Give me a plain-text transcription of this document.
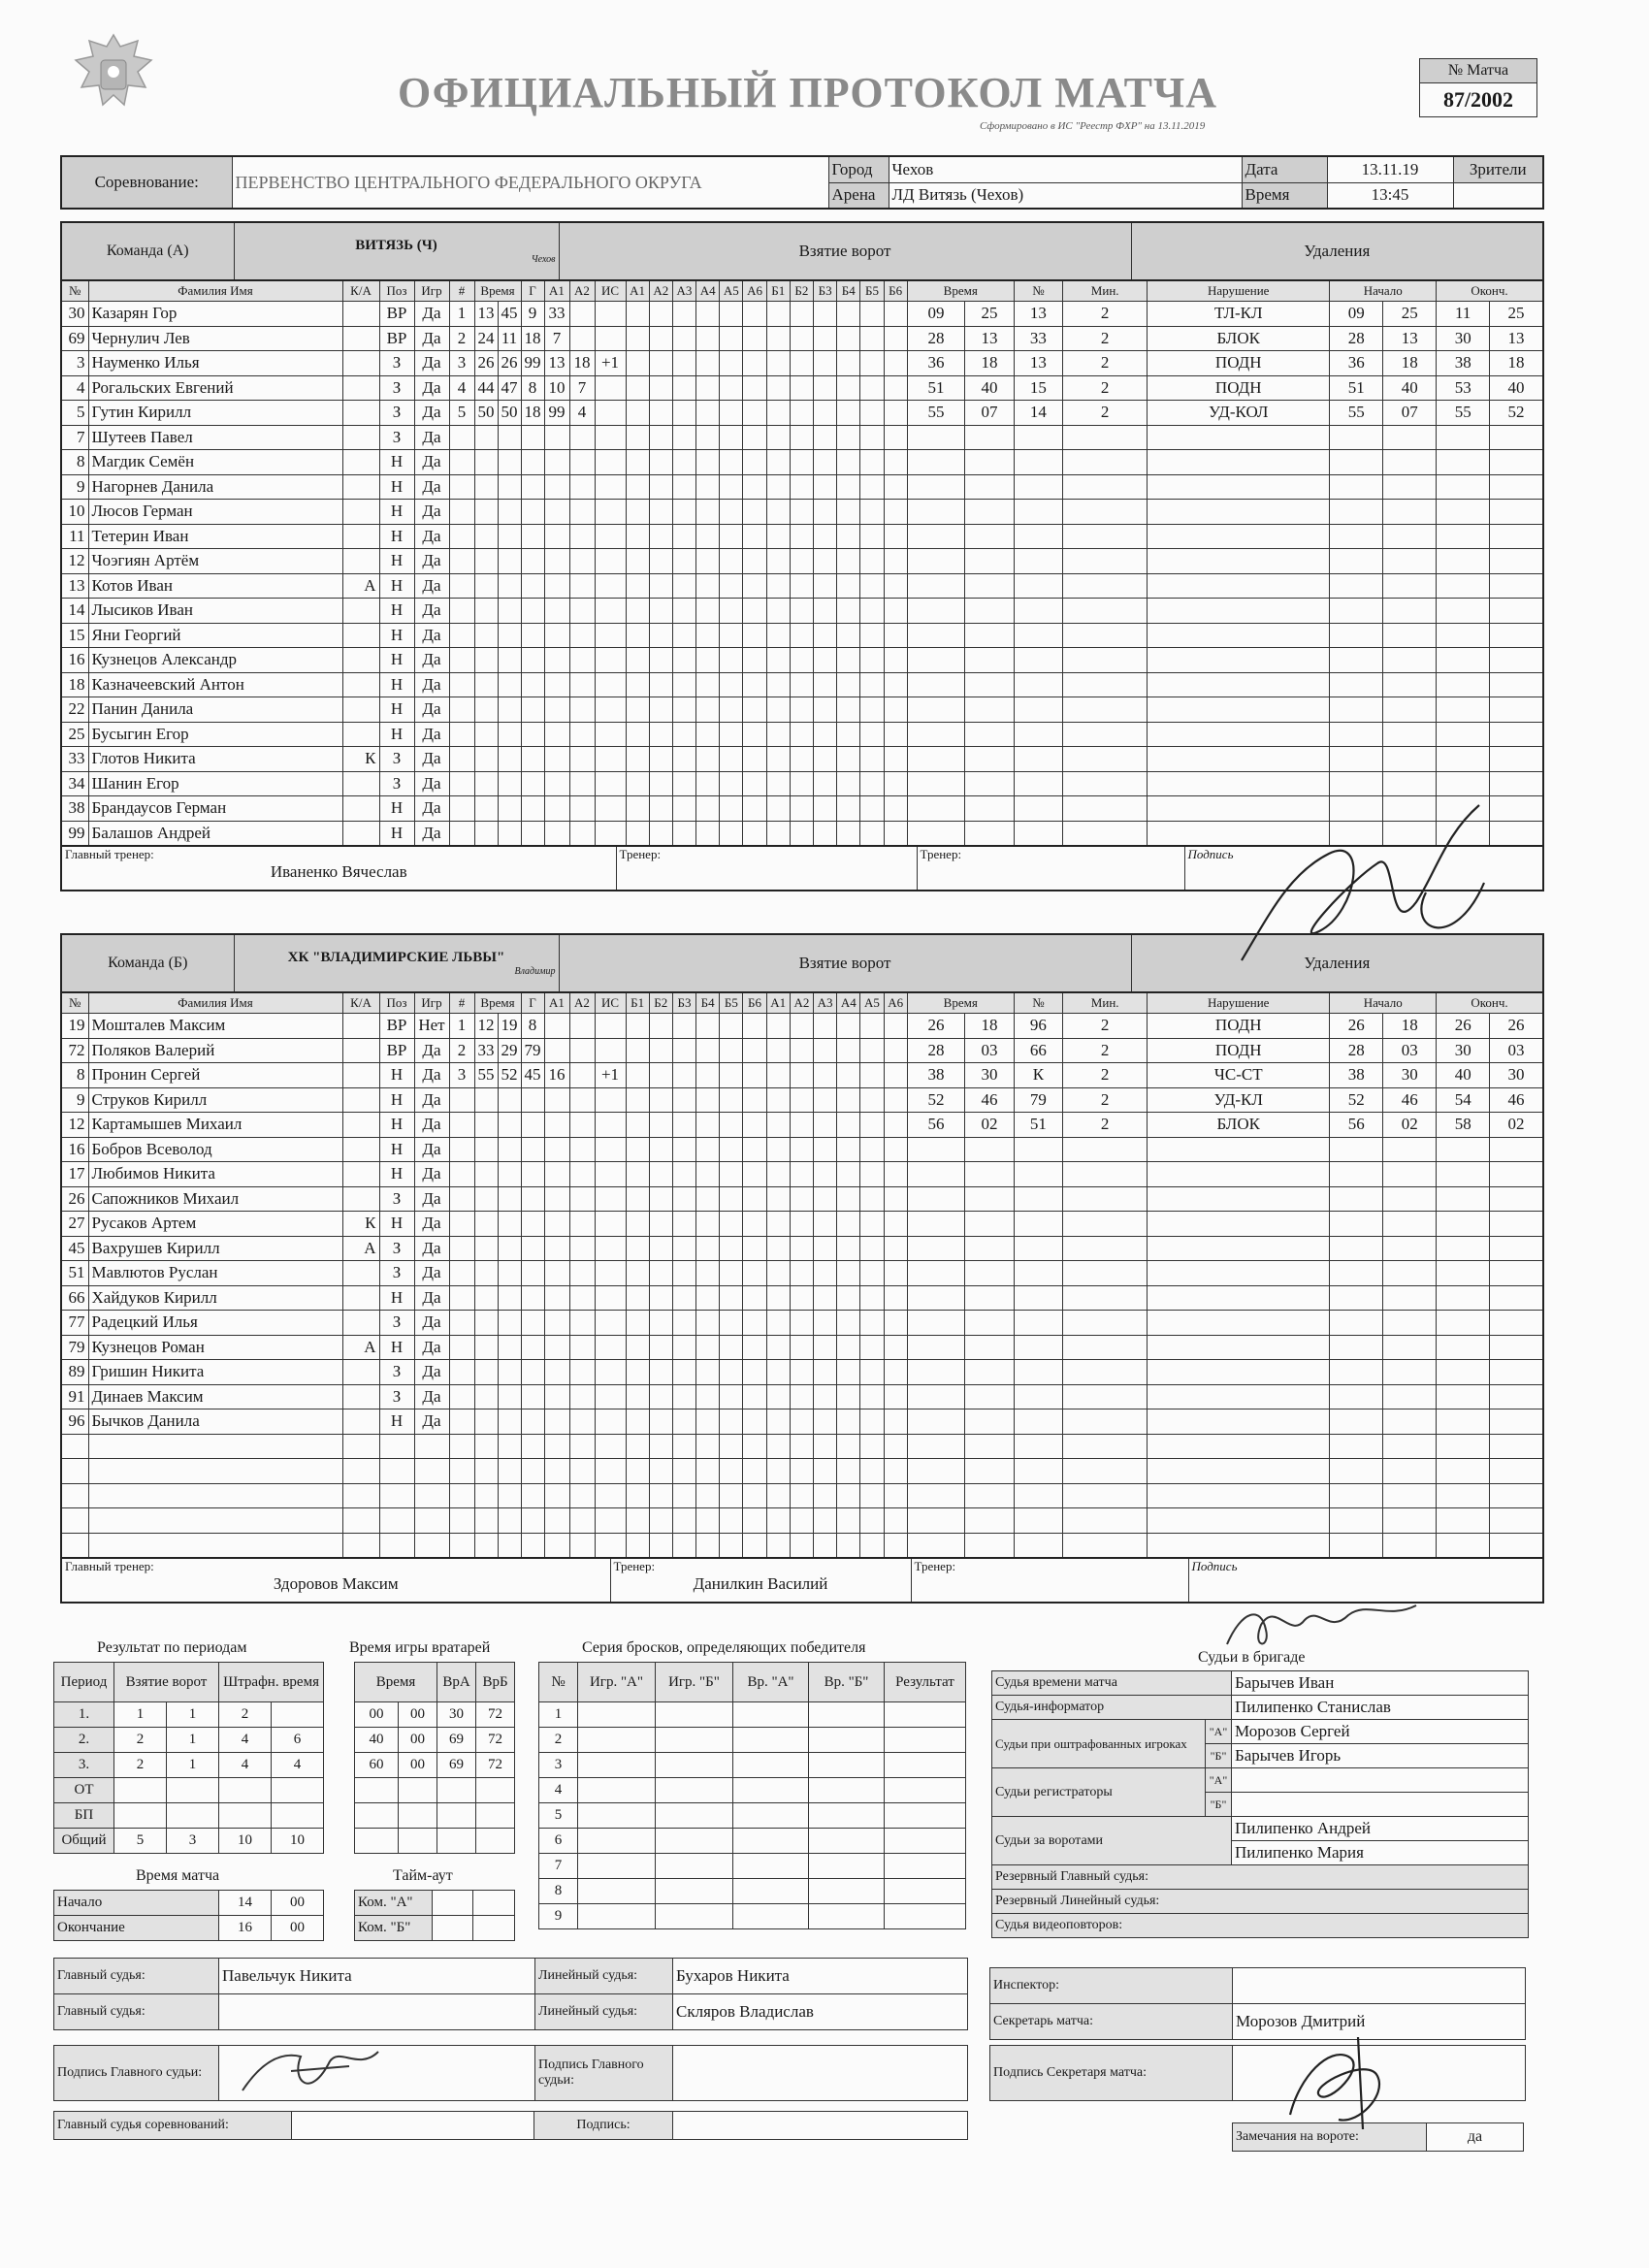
ОФИЦИАЛЬНЫЙ ПРОТОКОЛ МАТЧА
Сформировано в ИС "Реестр ФХР" на 13.11.2019
№ Матча
87/2002
Соревнование:	ПЕРВЕНСТВО ЦЕНТРАЛЬНОГО ФЕДЕРАЛЬНОГО ОКРУГА	Город	Чехов	Дата	13.11.19	Зрители
		Арена	ЛД Витязь (Чехов)	Время	13:45	
Команда (А)	ВИТЯЗЬ (Ч)
Чехов	Взятие ворот	Удаления
№	Фамилия Имя	К/А	Поз	Игр	#	Время		Г	А1	А2	ИС	А1	А2	А3	А4	А5	А6	Б1	Б2	Б3	Б4	Б5	Б6	Время		№	Мин.	Нарушение	Начало		Оконч.	
30	Казарян Гор		ВР	Да	1	13	45	9	33															09	25	13	2	ТЛ-КЛ	09	25	11	25
69	Чернулич Лев		ВР	Да	2	24	11	18	7															28	13	33	2	БЛОК	28	13	30	13
3	Науменко Илья		З	Да	3	26	26	99	13	18	+1													36	18	13	2	ПОДН	36	18	38	18
4	Рогальских Евгений		З	Да	4	44	47	8	10	7														51	40	15	2	ПОДН	51	40	53	40
5	Гутин Кирилл		З	Да	5	50	50	18	99	4														55	07	14	2	УД-КОЛ	55	07	55	52
7	Шутеев Павел		З	Да																												
8	Магдик Семён		Н	Да																												
9	Нагорнев Данила		Н	Да																												
10	Люсов Герман		Н	Да																												
11	Тетерин Иван		Н	Да																												
12	Чоэгиян Артём		Н	Да																												
13	Котов Иван	А	Н	Да																												
14	Лысиков Иван		Н	Да																												
15	Яни Георгий		Н	Да																												
16	Кузнецов Александр		Н	Да																												
18	Казначеевский Антон		Н	Да																												
22	Панин Данила		Н	Да																												
25	Бусыгин Егор		Н	Да																												
33	Глотов Никита	К	З	Да																												
34	Шанин Егор		З	Да																												
38	Брандаусов Герман		Н	Да																												
99	Балашов Андрей		Н	Да																												
Главный тренер:
Иваненко Вячеслав

Тренер:	Тренер:	Подпись
Команда (Б)	ХК "ВЛАДИМИРСКИЕ ЛЬВЫ"
Владимир	Взятие ворот	Удаления
№	Фамилия Имя	К/А	Поз	Игр	#	Время		Г	А1	А2	ИС	Б1	Б2	Б3	Б4	Б5	Б6	А1	А2	А3	А4	А5	А6	Время		№	Мин.	Нарушение	Начало		Оконч.	
19	Мошталев Максим		ВР	Нет	1	12	19	8																26	18	96	2	ПОДН	26	18	26	26
72	Поляков Валерий		ВР	Да	2	33	29	79																28	03	66	2	ПОДН	28	03	30	03
8	Пронин Сергей		Н	Да	3	55	52	45	16		+1													38	30	К	2	ЧС-СТ	38	30	40	30
9	Струков Кирилл		Н	Да																				52	46	79	2	УД-КЛ	52	46	54	46
12	Картамышев Михаил		Н	Да																				56	02	51	2	БЛОК	56	02	58	02
16	Бобров Всеволод		Н	Да																												
17	Любимов Никита		Н	Да																												
26	Сапожников Михаил		З	Да																												
27	Русаков Артем	К	Н	Да																												
45	Вахрушев Кирилл	А	З	Да																												
51	Мавлютов Руслан		З	Да																												
66	Хайдуков Кирилл		Н	Да																												
77	Радецкий Илья		З	Да																												
79	Кузнецов Роман	А	Н	Да																												
89	Гришин Никита		З	Да																												
91	Динаев Максим		З	Да																												
96	Бычков Данила		Н	Да																												

Главный тренер:
Здоровов Максим

Тренер:
Данилкин Василий

Тренер:	Подпись
Результат по периодам
Период	Взятие ворот		Штрафн. время	
1.	1	1	2	
2.	2	1	4	6
3.	2	1	4	4
ОТ				
БП				
Общий	5	3	10	10
Время игры вратарей
Время		ВрА	ВрБ
00	00	30	72
40	00	69	72
60	00	69	72

Время матча
Начало	14	00
Окончание	16	00
Тайм-аут
Ком. "А"		
Ком. "Б"		
Серия бросков, определяющих победителя
№	Игр. "А"	Игр. "Б"	Вр. "А"	Вр. "Б"	Результат
1					
2					
3					
4					
5					
6					
7					
8					
9					
Судьи в бригаде
Судья времени матча		Барычев Иван
Судья-информатор		Пилипенко Станислав
Судьи при оштрафованных игроках	"А"	Морозов Сергей
	"Б"	Барычев Игорь
Судьи регистраторы	"А"	
	"Б"	
Судьи за воротами		Пилипенко Андрей
		Пилипенко Мария
Резервный Главный судья:		
Резервный Линейный судья:		
Судья видеоповторов:		
Главный судья:	Павельчук Никита	Линейный судья:	Бухаров Никита
Главный судья:		Линейный судья:	Скляров Владислав
Подпись Главного судьи:		Подпись Главного судьи:	
Главный судья соревнований:		Подпись:	
Инспектор:	
Секретарь матча:	Морозов Дмитрий
Подпись Секретаря матча:	
Замечания на вороте:	да
